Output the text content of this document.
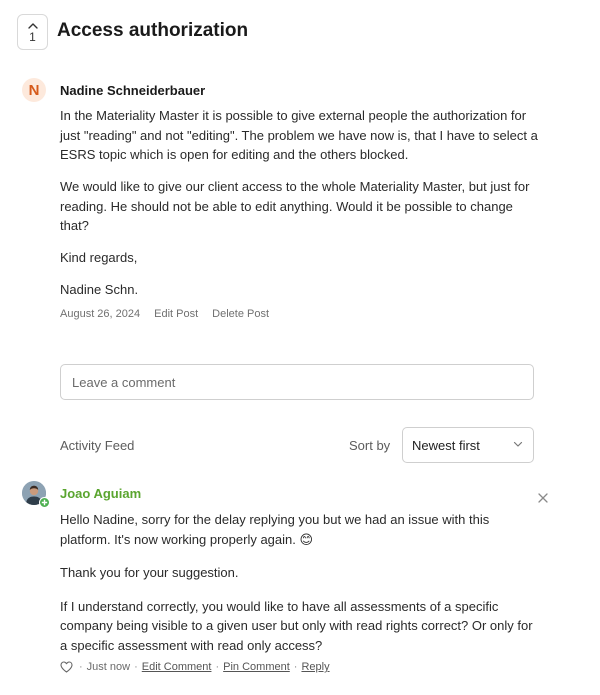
1 Access authorization
N	Nadine Schneiderbauer

In the Materiality Master it is possible to give external people the authorization for just "reading" and not "editing". The problem we have now is, that I have to select a ESRS topic which is open for editing and the others blocked.

We would like to give our client access to the whole Materiality Master, but just for reading. He should not be able to edit anything. Would it be possible to change that?

Kind regards,

Nadine Schn.

August 26, 2024 Edit Post Delete Post
Leave a comment
Activity Feed	Sort by Newest first
Joao Aguiam

Hello Nadine, sorry for the delay replying you but we had an issue with this platform. It's now working properly again. 😊

Thank you for your suggestion.

If I understand correctly, you would like to have all assessments of a specific company being visible to a given user but only with read rights correct? Or only for a specific assessment with read only access?

· Just now · Edit Comment · Pin Comment · Reply
